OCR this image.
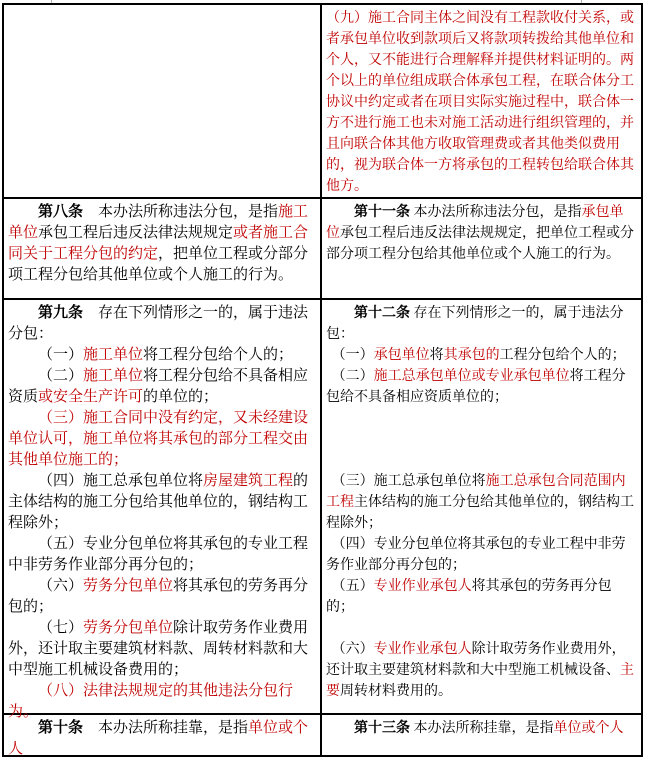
（九）施工合同主体之间没有工程款收付关系，或者承包单位收到款项后又将款项转拨给其他单位和个人，又不能进行合理解释并提供材料证明的。两个以上的单位组成联合体承包工程，在联合体分工协议中约定或者在项目实际实施过程中，联合体一方不进行施工也未对施工活动进行组织管理的，并且向联合体其他方收取管理费或者其他类似费用的，视为联合体一方将承包的工程转包给联合体其他方。
第八条　本办法所称违法分包，是指施工单位承包工程后违反法律法规规定或者施工合同关于工程分包的约定，把单位工程或分部分项工程分包给其他单位或个人施工的行为。
第十一条 本办法所称违法分包，是指承包单位承包工程后违反法律法规规定，把单位工程或分部分项工程分包给其他单位或个人施工的行为。
第九条　存在下列情形之一的，属于违法分包：
（一）施工单位将工程分包给个人的；
（二）施工单位将工程分包给不具备相应资质或安全生产许可的单位的；
（三）施工合同中没有约定，又未经建设单位认可，施工单位将其承包的部分工程交由其他单位施工的；
（四）施工总承包单位将房屋建筑工程的主体结构的施工分包给其他单位的，钢结构工程除外；
（五）专业分包单位将其承包的专业工程中非劳务作业部分再分包的；
（六）劳务分包单位将其承包的劳务再分包的；
（七）劳务分包单位除计取劳务作业费用外，还计取主要建筑材料款、周转材料款和大中型施工机械设备费用的；
（八）法律法规规定的其他违法分包行为。
第十二条 存在下列情形之一的，属于违法分包：
（一）承包单位将其承包的工程分包给个人的；
（二）施工总承包单位或专业承包单位将工程分包给不具备相应资质单位的；
（三）施工总承包单位将施工总承包合同范围内工程主体结构的施工分包给其他单位的，钢结构工程除外；
（四）专业分包单位将其承包的专业工程中非劳务作业部分再分包的；
（五）专业作业承包人将其承包的劳务再分包的；
（六）专业作业承包人除计取劳务作业费用外，还计取主要建筑材料款和大中型施工机械设备、主要周转材料费用的。
第十条　本办法所称挂靠，是指单位或个人
第十三条 本办法所称挂靠，是指单位或个人
